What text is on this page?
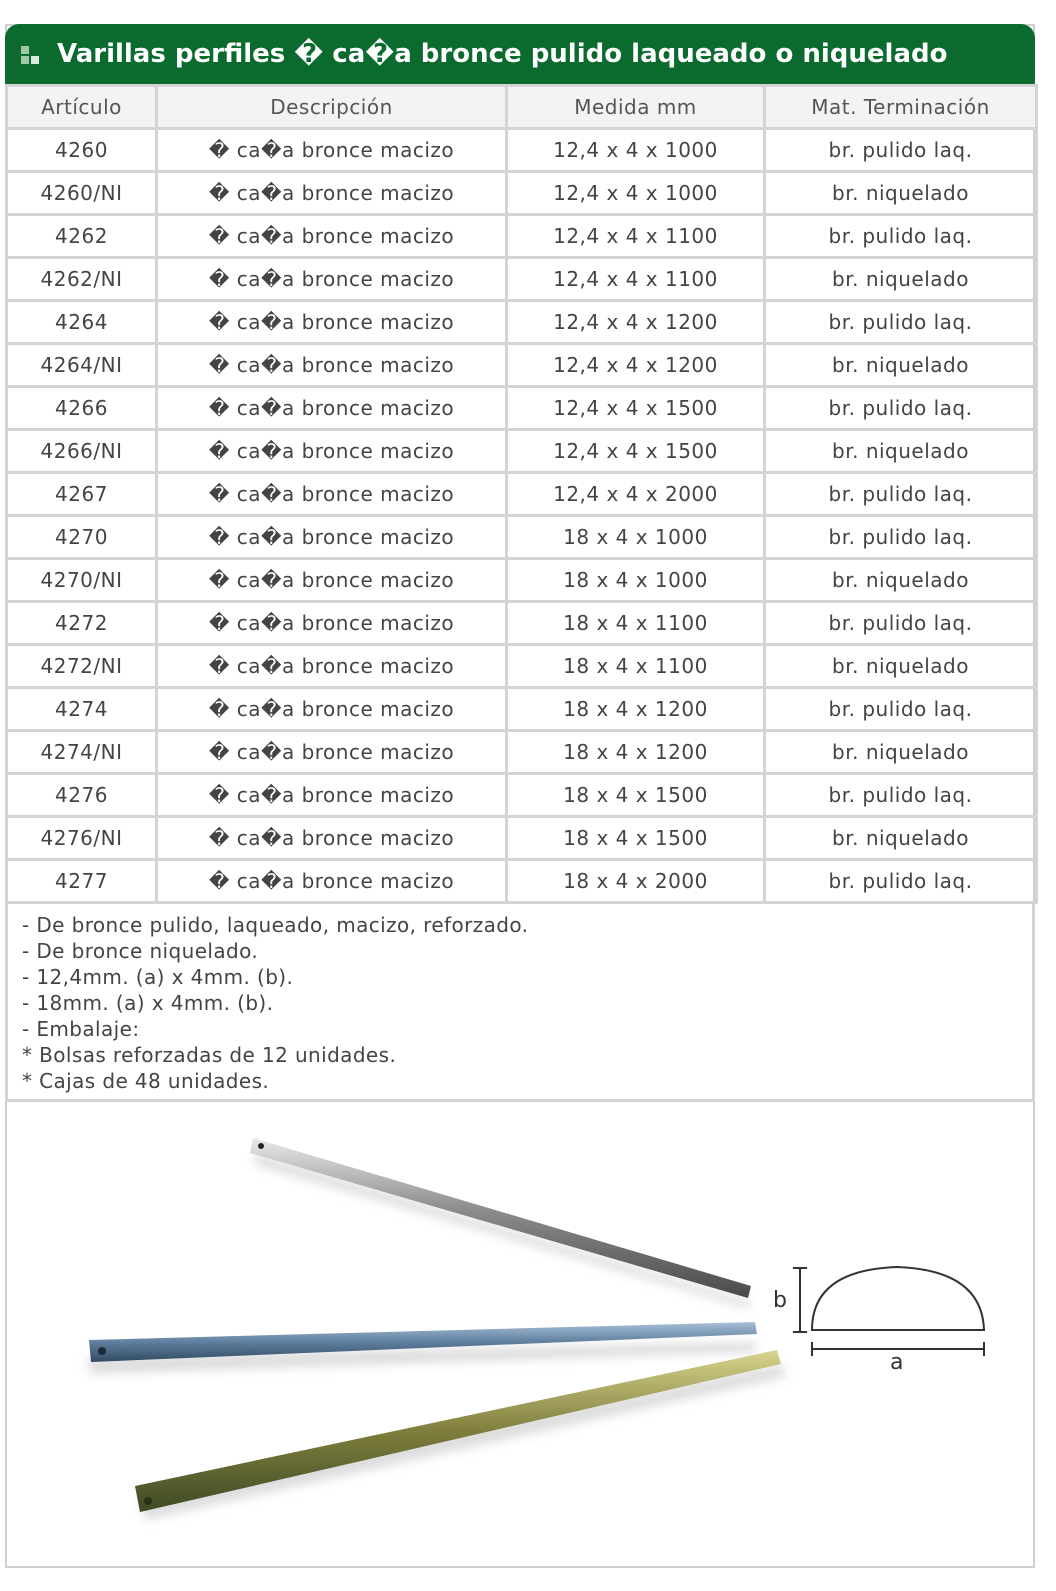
Varillas perfiles � ca�a bronce pulido laqueado o niquelado
Artículo	Descripción	Medida mm	Mat. Terminación
4260	� ca�a bronce macizo	12,4 x 4 x 1000	br. pulido laq.
4260/NI	� ca�a bronce macizo	12,4 x 4 x 1000	br. niquelado
4262	� ca�a bronce macizo	12,4 x 4 x 1100	br. pulido laq.
4262/NI	� ca�a bronce macizo	12,4 x 4 x 1100	br. niquelado
4264	� ca�a bronce macizo	12,4 x 4 x 1200	br. pulido laq.
4264/NI	� ca�a bronce macizo	12,4 x 4 x 1200	br. niquelado
4266	� ca�a bronce macizo	12,4 x 4 x 1500	br. pulido laq.
4266/NI	� ca�a bronce macizo	12,4 x 4 x 1500	br. niquelado
4267	� ca�a bronce macizo	12,4 x 4 x 2000	br. pulido laq.
4270	� ca�a bronce macizo	18 x 4 x 1000	br. pulido laq.
4270/NI	� ca�a bronce macizo	18 x 4 x 1000	br. niquelado
4272	� ca�a bronce macizo	18 x 4 x 1100	br. pulido laq.
4272/NI	� ca�a bronce macizo	18 x 4 x 1100	br. niquelado
4274	� ca�a bronce macizo	18 x 4 x 1200	br. pulido laq.
4274/NI	� ca�a bronce macizo	18 x 4 x 1200	br. niquelado
4276	� ca�a bronce macizo	18 x 4 x 1500	br. pulido laq.
4276/NI	� ca�a bronce macizo	18 x 4 x 1500	br. niquelado
4277	� ca�a bronce macizo	18 x 4 x 2000	br. pulido laq.
- De bronce pulido, laqueado, macizo, reforzado.
- De bronce niquelado.
- 12,4mm. (a) x 4mm. (b).
- 18mm. (a) x 4mm. (b).
- Embalaje:
* Bolsas reforzadas de 12 unidades.
* Cajas de 48 unidades.
b
a
